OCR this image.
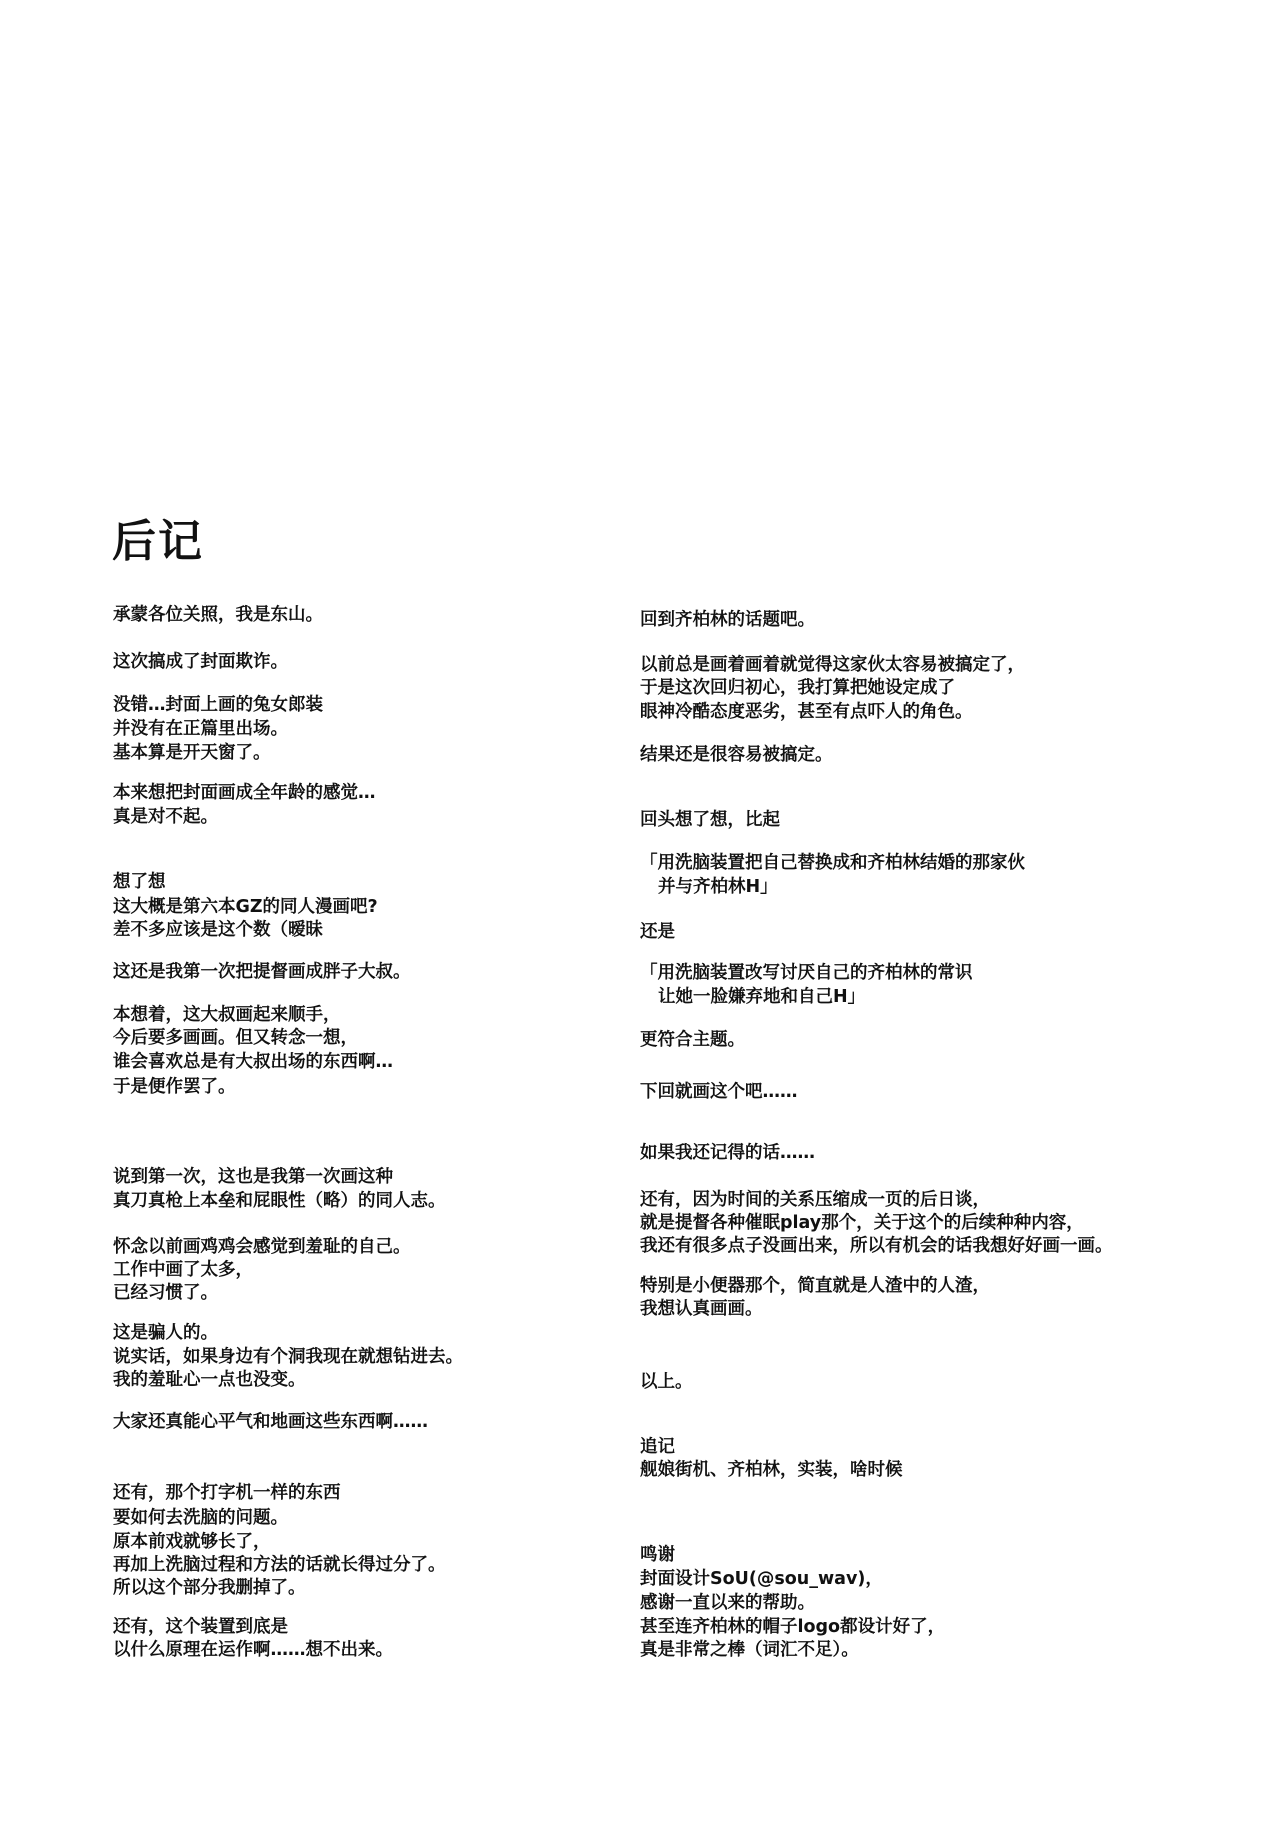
后记
承蒙各位关照，我是东山。
这次搞成了封面欺诈。
没错…封面上画的兔女郎装
并没有在正篇里出场。
基本算是开天窗了。
本来想把封面画成全年龄的感觉…
真是对不起。
想了想
这大概是第六本GZ的同人漫画吧?
差不多应该是这个数（暧昧
这还是我第一次把提督画成胖子大叔。
本想着，这大叔画起来顺手，
今后要多画画。但又转念一想，
谁会喜欢总是有大叔出场的东西啊…
于是便作罢了。
说到第一次，这也是我第一次画这种
真刀真枪上本垒和屁眼性（略）的同人志。
怀念以前画鸡鸡会感觉到羞耻的自己。
工作中画了太多，
已经习惯了。
这是骗人的。
说实话，如果身边有个洞我现在就想钻进去。
我的羞耻心一点也没变。
大家还真能心平气和地画这些东西啊……
还有，那个打字机一样的东西
要如何去洗脑的问题。
原本前戏就够长了，
再加上洗脑过程和方法的话就长得过分了。
所以这个部分我删掉了。
还有，这个装置到底是
以什么原理在运作啊……想不出来。
回到齐柏林的话题吧。
以前总是画着画着就觉得这家伙太容易被搞定了，
于是这次回归初心，我打算把她设定成了
眼神冷酷态度恶劣，甚至有点吓人的角色。
结果还是很容易被搞定。
回头想了想，比起
「用洗脑装置把自己替换成和齐柏林结婚的那家伙
并与齐柏林H」
还是
「用洗脑装置改写讨厌自己的齐柏林的常识
让她一脸嫌弃地和自己H」
更符合主题。
下回就画这个吧……
如果我还记得的话……
还有，因为时间的关系压缩成一页的后日谈，
就是提督各种催眠play那个，关于这个的后续种种内容，
我还有很多点子没画出来，所以有机会的话我想好好画一画。
特别是小便器那个，简直就是人渣中的人渣，
我想认真画画。
以上。
追记
舰娘街机、齐柏林，实装，啥时候
鸣谢
封面设计SoU(@sou_wav)，
感谢一直以来的帮助。
甚至连齐柏林的帽子logo都设计好了，
真是非常之棒（词汇不足）。
